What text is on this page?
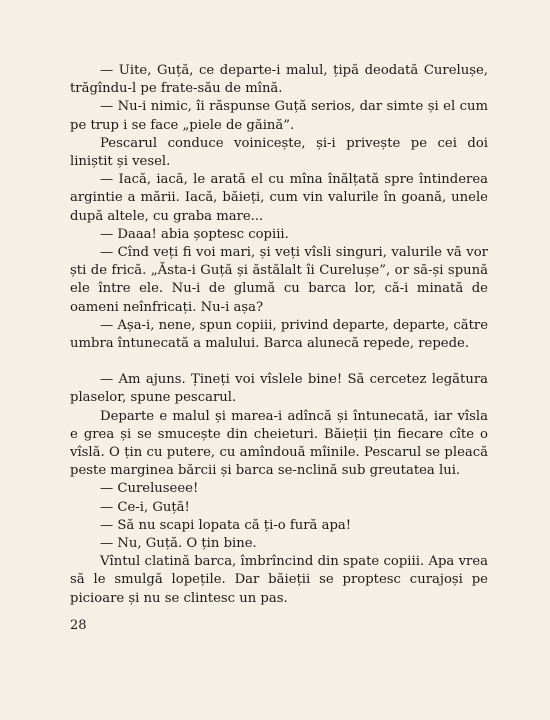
— Uite, Guță, ce departe-i malul, țipă deodată Curelușe, trăgîndu-l pe frate-său de mînă.

— Nu-i nimic, îi răspunse Guță serios, dar simte și el cum pe trup i se face „piele de găină”.

Pescarul conduce voinicește, și-i privește pe cei doi liniștit și vesel.

— Iacă, iacă, le arată el cu mîna înălțată spre întinderea argintie a mării. Iacă, băieți, cum vin valurile în goană, unele după altele, cu graba mare...

— Daaa! abia șoptesc copiii.

— Cînd veți fi voi mari, și veți vîsli singuri, valurile vă vor ști de frică. „Ăsta-i Guță și ăstălalt îi Curelușe”, or să-și spună ele între ele. Nu-i de glumă cu barca lor, că-i minată de oameni neînfricați. Nu-i așa?

— Așa-i, nene, spun copiii, privind departe, departe, către umbra întunecată a malului. Barca alunecă repede, repede.

— Am ajuns. Țineți voi vîslele bine! Să cercetez legătura plaselor, spune pescarul.

Departe e malul și marea-i adîncă și întunecată, iar vîsla e grea și se smucește din cheieturi. Băieții țin fiecare cîte o vîslă. O țin cu putere, cu amîndouă mîinile. Pescarul se pleacă peste marginea bărcii și barca se-nclină sub greutatea lui.

— Cureluseee!

— Ce-i, Guță!

— Să nu scapi lopata că ți-o fură apa!

— Nu, Guță. O țin bine.

Vîntul clatină barca, îmbrîncind din spate copiii. Apa vrea să le smulgă lopețile. Dar băieții se proptesc curajoși pe picioare și nu se clintesc un pas.

28
